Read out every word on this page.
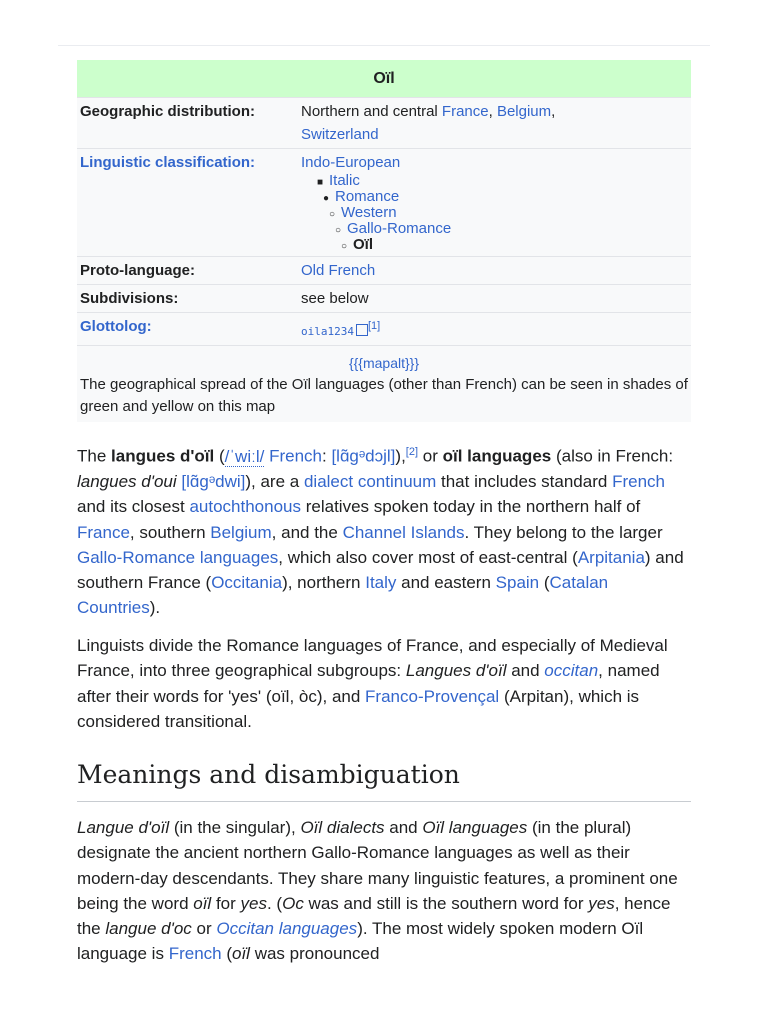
Oïl
Geographic distribution:	Northern and central France, Belgium,
Switzerland
Linguistic classification:	Indo-European
■ Italic
● Romance
○ Western
○ Gallo-Romance
○ Oïl
Proto-language:	Old French
Subdivisions:	see below
Glottolog:	oila1234 [1]
{{{mapalt}}}
The geographical spread of the Oïl languages (other than French) can be seen in shades of green and yellow on this map

The langues d'oïl (/ˈwiːl/ French: [lɑ̃ɡᵊdɔjl]),[2] or oïl languages (also in French: langues d'oui [lɑ̃ɡᵊdwi]), are a dialect continuum that includes standard French and its closest autochthonous relatives spoken today in the northern half of France, southern Belgium, and the Channel Islands. They belong to the larger Gallo-Romance languages, which also cover most of east-central (Arpitania) and southern France (Occitania), northern Italy and eastern Spain (Catalan Countries).

Linguists divide the Romance languages of France, and especially of Medieval France, into three geographical subgroups: Langues d'oïl and occitan, named after their words for 'yes' (oïl, òc), and Franco-Provençal (Arpitan), which is considered transitional.

Meanings and disambiguation

Langue d'oïl (in the singular), Oïl dialects and Oïl languages (in the plural) designate the ancient northern Gallo-Romance languages as well as their modern-day descendants. They share many linguistic features, a prominent one being the word oïl for yes. (Oc was and still is the southern word for yes, hence the langue d'oc or Occitan languages). The most widely spoken modern Oïl language is French (oïl was pronounced
